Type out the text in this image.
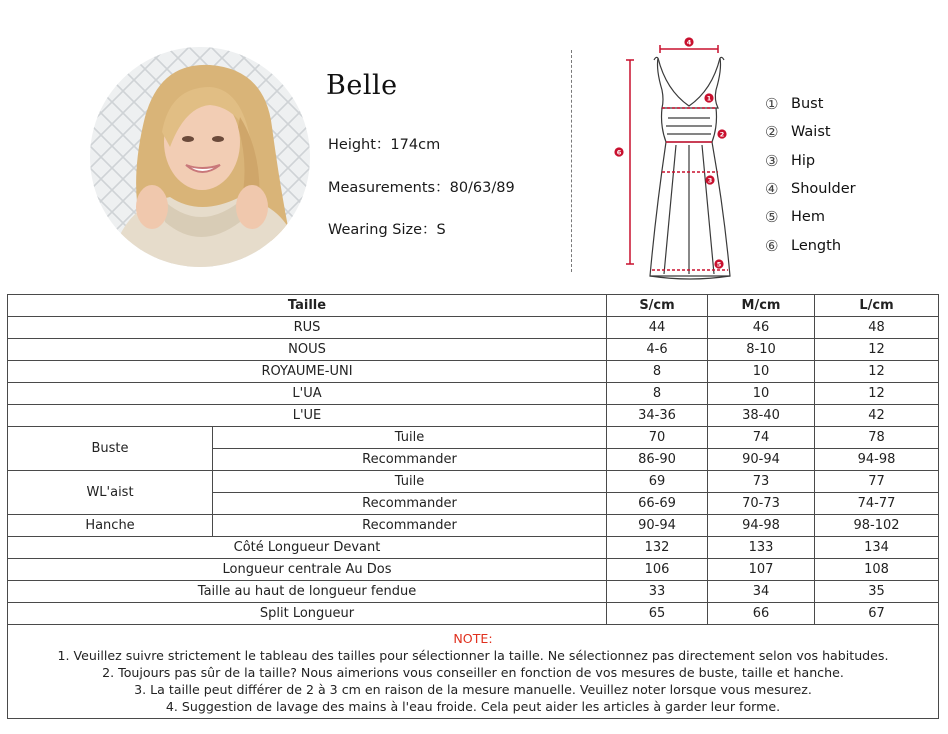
Belle
Height：174cm
Measurements：80/63/89
Wearing Size：S
4
1
2
3
6
5
① Bust
② Waist
③ Hip
④ Shoulder
⑤ Hem
⑥ Length
Taille		S/cm	M/cm	L/cm
RUS		44	46	48
NOUS		4-6	8-10	12
ROYAUME-UNI		8	10	12
L'UA		8	10	12
L'UE		34-36	38-40	42
Buste	Tuile	70	74	78
	Recommander	86-90	90-94	94-98
WL'aist	Tuile	69	73	77
	Recommander	66-69	70-73	74-77
Hanche	Recommander	90-94	94-98	98-102
Côté Longueur Devant		132	133	134
Longueur centrale Au Dos		106	107	108
Taille au haut de longueur fendue		33	34	35
Split Longueur		65	66	67

NOTE:
1. Veuillez suivre strictement le tableau des tailles pour sélectionner la taille. Ne sélectionnez pas directement selon vos habitudes.
2. Toujours pas sûr de la taille? Nous aimerions vous conseiller en fonction de vos mesures de buste, taille et hanche.
3. La taille peut différer de 2 à 3 cm en raison de la mesure manuelle. Veuillez noter lorsque vous mesurez.
4. Suggestion de lavage des mains à l'eau froide. Cela peut aider les articles à garder leur forme.				
